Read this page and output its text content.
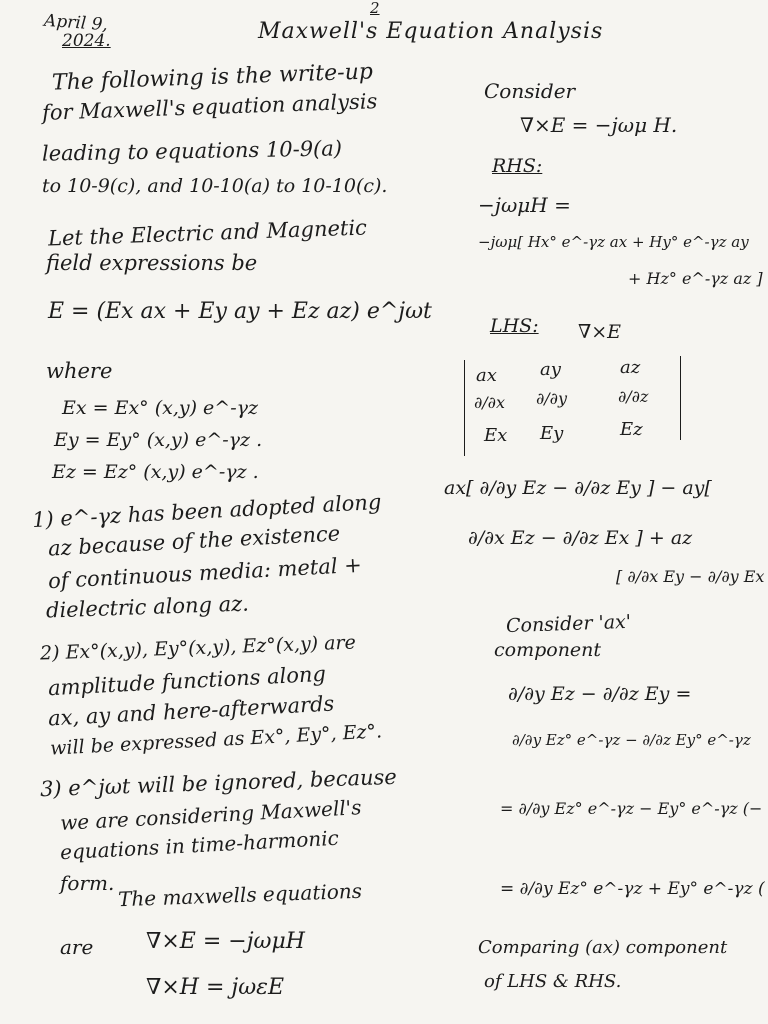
April 9,
2024.
2
Maxwell's Equation Analysis
The following is the write-up
for Maxwell's equation analysis
leading to equations 10-9(a)
to 10-9(c), and 10-10(a) to 10-10(c).
Let the Electric and Magnetic
field expressions be
E = (Ex ax + Ey ay + Ez az) e^jωt
where
Ex = Ex° (x,y) e^-γz
Ey = Ey° (x,y) e^-γz .
Ez = Ez° (x,y) e^-γz .
1) e^-γz has been adopted along
az because of the existence
of continuous media: metal +
dielectric along az.
2) Ex°(x,y), Ey°(x,y), Ez°(x,y) are
amplitude functions along
ax, ay and here-afterwards
will be expressed as Ex°, Ey°, Ez°.
3) e^jωt will be ignored, because
we are considering Maxwell's
equations in time-harmonic
form. The maxwells equations
are ∇×E = −jωμH
∇×H = jωεE
Consider
∇×E = −jωμ H.
RHS:
−jωμH =
−jωμ[ Hx° e^-γz ax + Hy° e^-γz ay
+ Hz° e^-γz az ]
LHS: ∇×E
ax ay	az
∂/∂x ∂/∂y	∂/∂z
Ex Ey	Ez
ax[ ∂/∂y Ez − ∂/∂z Ey ] − ay[
∂/∂x Ez − ∂/∂z Ex ] + az
[ ∂/∂x Ey − ∂/∂y Ex
Consider 'ax'
component
∂/∂y Ez − ∂/∂z Ey =
∂/∂y Ez° e^-γz − ∂/∂z Ey° e^-γz
= ∂/∂y Ez° e^-γz − Ey° e^-γz (−
= ∂/∂y Ez° e^-γz + Ey° e^-γz (
Comparing (ax) component
of LHS & RHS.
